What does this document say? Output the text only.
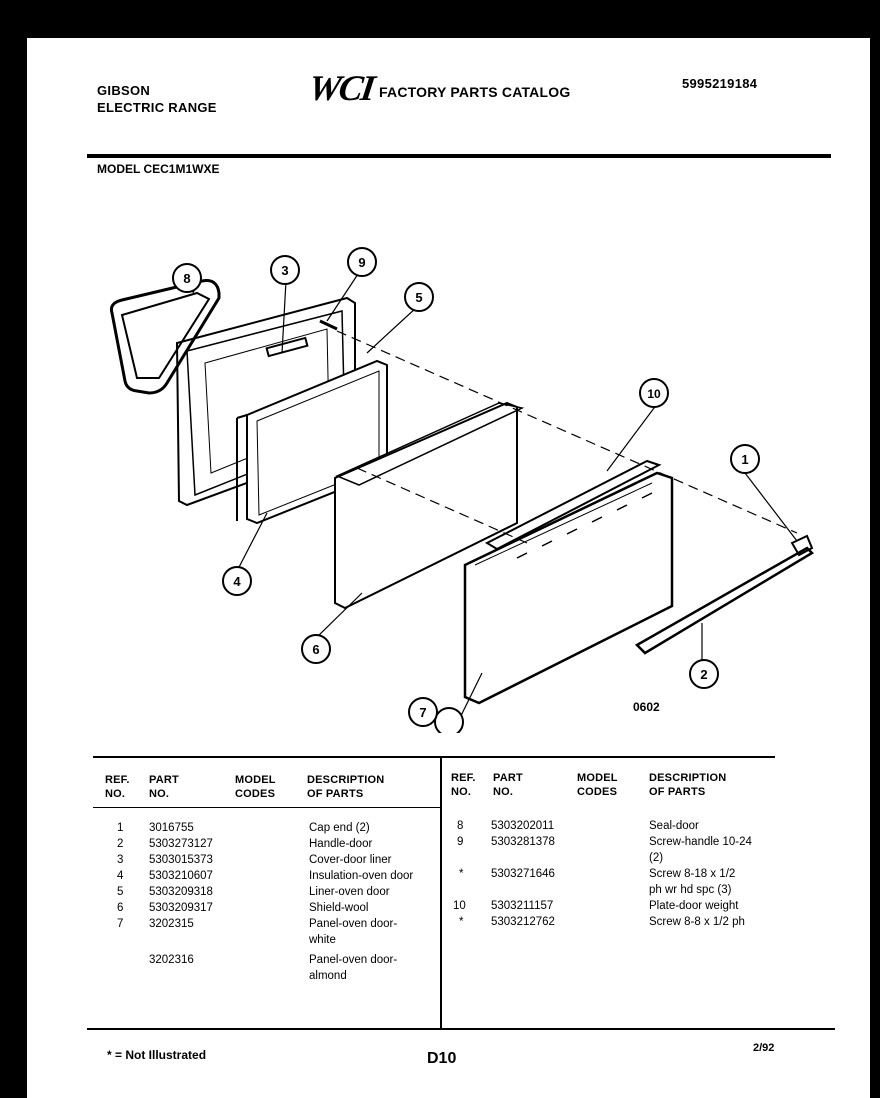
GIBSON
ELECTRIC RANGE WCI FACTORY PARTS CATALOG
5995219184
MODEL CEC1M1WXE
8
3
9
5
10
1
4
6
2
7	0602
REF.
NO.
PART
NO.
MODEL
CODES
DESCRIPTION
OF PARTS
REF.
NO.
PART
NO.
MODEL
CODES
DESCRIPTION
OF PARTS
1 3016755	Cap end (2)
2 5303273127	Handle-door
3 5303015373	Cover-door liner
4 5303210607	Insulation-oven door
5 5303209318	Liner-oven door
6 5303209317	Shield-wool
7 3202315	Panel-oven door-
white
3202316	Panel-oven door-
almond
8 5303202011	Seal-door
9 5303281378	Screw-handle 10-24
(2)
* 5303271646	Screw 8-18 x 1/2
ph wr hd spc (3)
10 5303211157	Plate-door weight
* 5303212762	Screw 8-8 x 1/2 ph
* = Not Illustrated	D10
2/92
